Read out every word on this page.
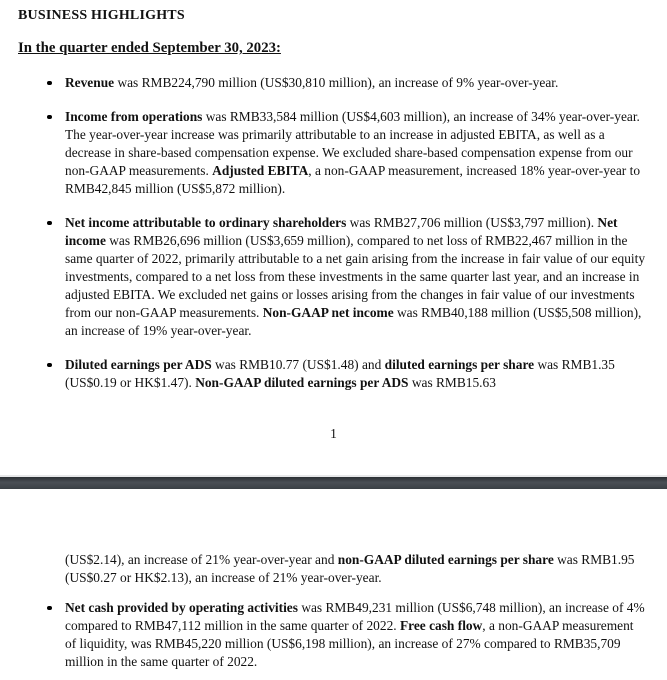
BUSINESS HIGHLIGHTS
In the quarter ended September 30, 2023:
Revenue was RMB224,790 million (US$30,810 million), an increase of 9% year-over-year.
Income from operations was RMB33,584 million (US$4,603 million), an increase of 34% year-over-year. The year-over-year increase was primarily attributable to an increase in adjusted EBITA, as well as a decrease in share-based compensation expense. We excluded share-based compensation expense from our non-GAAP measurements. Adjusted EBITA, a non-GAAP measurement, increased 18% year-over-year to RMB42,845 million (US$5,872 million).
Net income attributable to ordinary shareholders was RMB27,706 million (US$3,797 million). Net income was RMB26,696 million (US$3,659 million), compared to net loss of RMB22,467 million in the same quarter of 2022, primarily attributable to a net gain arising from the increase in fair value of our equity investments, compared to a net loss from these investments in the same quarter last year, and an increase in adjusted EBITA. We excluded net gains or losses arising from the changes in fair value of our investments from our non-GAAP measurements. Non-GAAP net income was RMB40,188 million (US$5,508 million), an increase of 19% year-over-year.
Diluted earnings per ADS was RMB10.77 (US$1.48) and diluted earnings per share was RMB1.35 (US$0.19 or HK$1.47). Non-GAAP diluted earnings per ADS was RMB15.63
1
(US$2.14), an increase of 21% year-over-year and non-GAAP diluted earnings per share was RMB1.95 (US$0.27 or HK$2.13), an increase of 21% year-over-year.
Net cash provided by operating activities was RMB49,231 million (US$6,748 million), an increase of 4% compared to RMB47,112 million in the same quarter of 2022. Free cash flow, a non-GAAP measurement of liquidity, was RMB45,220 million (US$6,198 million), an increase of 27% compared to RMB35,709 million in the same quarter of 2022.
